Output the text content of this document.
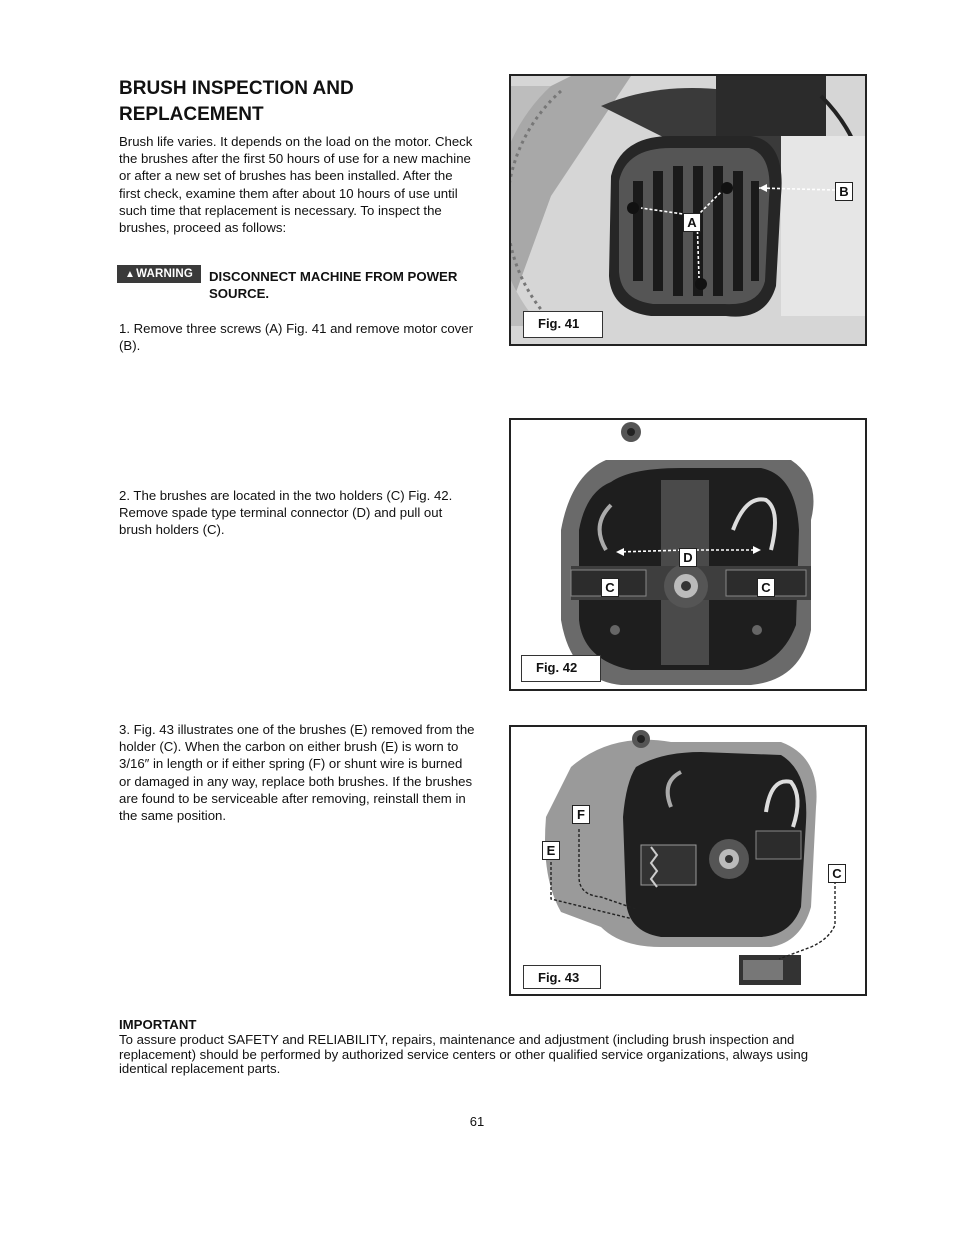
BRUSH INSPECTION AND REPLACEMENT

Brush life varies. It depends on the load on the motor. Check the brushes after the first 50 hours of use for a new machine or after a new set of brushes has been installed. After the first check, examine them after about 10 hours of use until such time that replacement is necessary. To inspect the brushes, proceed as follows:

▲WARNING	DISCONNECT MACHINE FROM POWER SOURCE.

1. Remove three screws (A) Fig. 41 and remove motor cover (B).

2. The brushes are located in the two holders (C) Fig. 42. Remove spade type terminal connector (D) and pull out brush holders (C).

3. Fig. 43 illustrates one of the brushes (E) removed from the holder (C). When the carbon on either brush (E) is worn to 3/16″ in length or if either spring (F) or shunt wire is burned or damaged in any way, replace both brushes. If the brushes are found to be serviceable after removing, reinstall them in the same position.

A
B
Fig. 41
D
C	C
Fig. 42
F
E
C
Fig. 43

IMPORTANT

To assure product SAFETY and RELIABILITY, repairs, maintenance and adjustment (including brush inspection and replacement) should be performed by authorized service centers or other qualified service organizations, always using identical replacement parts.

61
